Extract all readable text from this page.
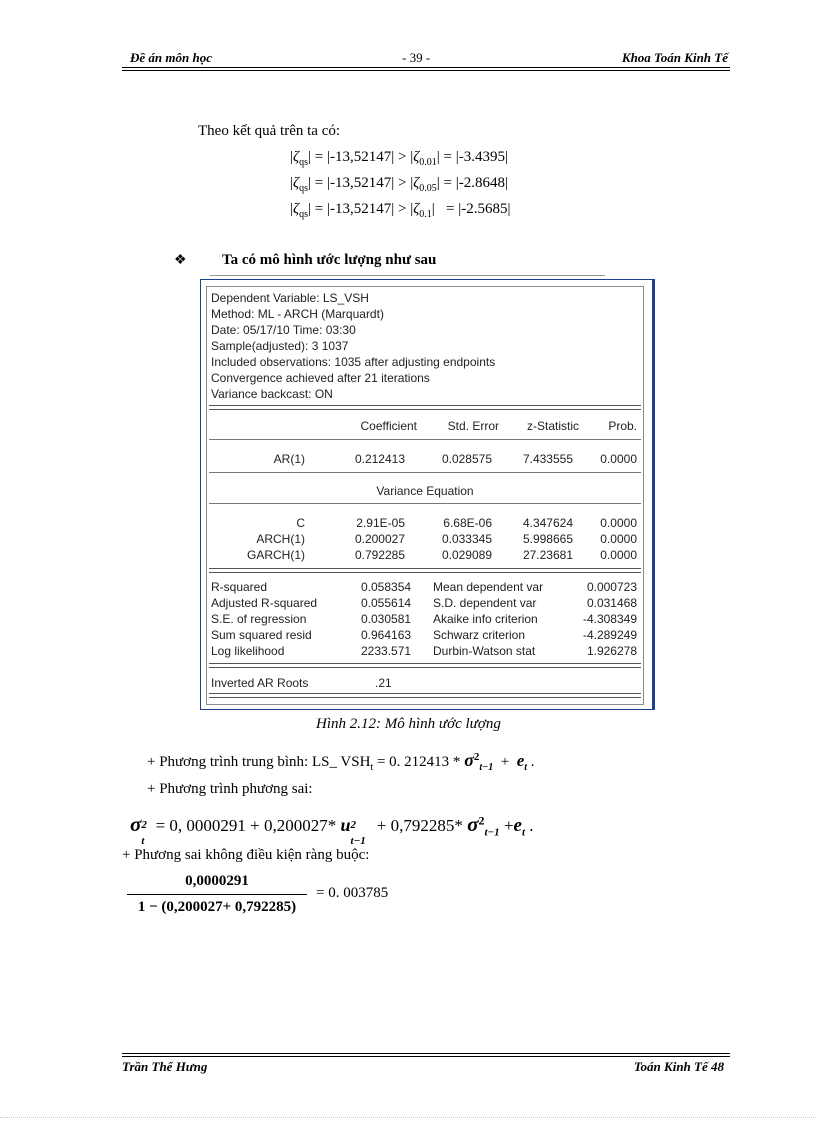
Đề án môn học	- 39 -	Khoa Toán Kinh Tế
Theo kết quả trên ta có:
$|\zeta_{qs}| = |-13,52147| > |\zeta_{0.01}| = |-3.4395|$
$|\zeta_{qs}| = |-13,52147| > |\zeta_{0.05}| = |-2.8648|$
$|\zeta_{qs}| = |-13,52147| > |\zeta_{0.1}| = |-2.5685|$
❖ Ta có mô hình ước lượng như sau
Dependent Variable: LS_VSH
Method: ML - ARCH (Marquardt)
Date: 05/17/10 Time: 03:30
Sample(adjusted): 3 1037
Included observations: 1035 after adjusting endpoints
Convergence achieved after 21 iterations
Variance backcast: ON
Coefficient	Std. Error	z-Statistic	Prob.
AR(1)	0.212413	0.028575	7.433555	0.0000
Variance Equation
C	2.91E-05	6.68E-06	4.347624	0.0000
ARCH(1)	0.200027	0.033345	5.998665	0.0000
GARCH(1)	0.792285	0.029089	27.23681	0.0000
R-squared	0.058354 Mean dependent var	0.000723
Adjusted R-squared	0.055614 S.D. dependent var	0.031468
S.E. of regression	0.030581 Akaike info criterion	-4.308349
Sum squared resid	0.964163 Schwarz criterion	-4.289249
Log likelihood	2233.571 Durbin-Watson stat	1.926278
Inverted AR Roots	.21
Hình 2.12: Mô hình ước lượng
+ Phương trình trung bình: LS_ $VSH_t = 0$. $212413 * \sigma^2_{t-1} + e_t$ .
+ Phương trình phương sai:
σ 2
t
= 0, 0000291 + 0,200027* u 2
t−1
+ 0,792285* $\sigma^2_{t-1} +e_t$ .
+ Phương sai không điều kiện ràng buộc:
0,0000291
1 − (0,200027+ 0,792285)
= 0. 003785
Trần Thế Hưng	Toán Kinh Tế 48
